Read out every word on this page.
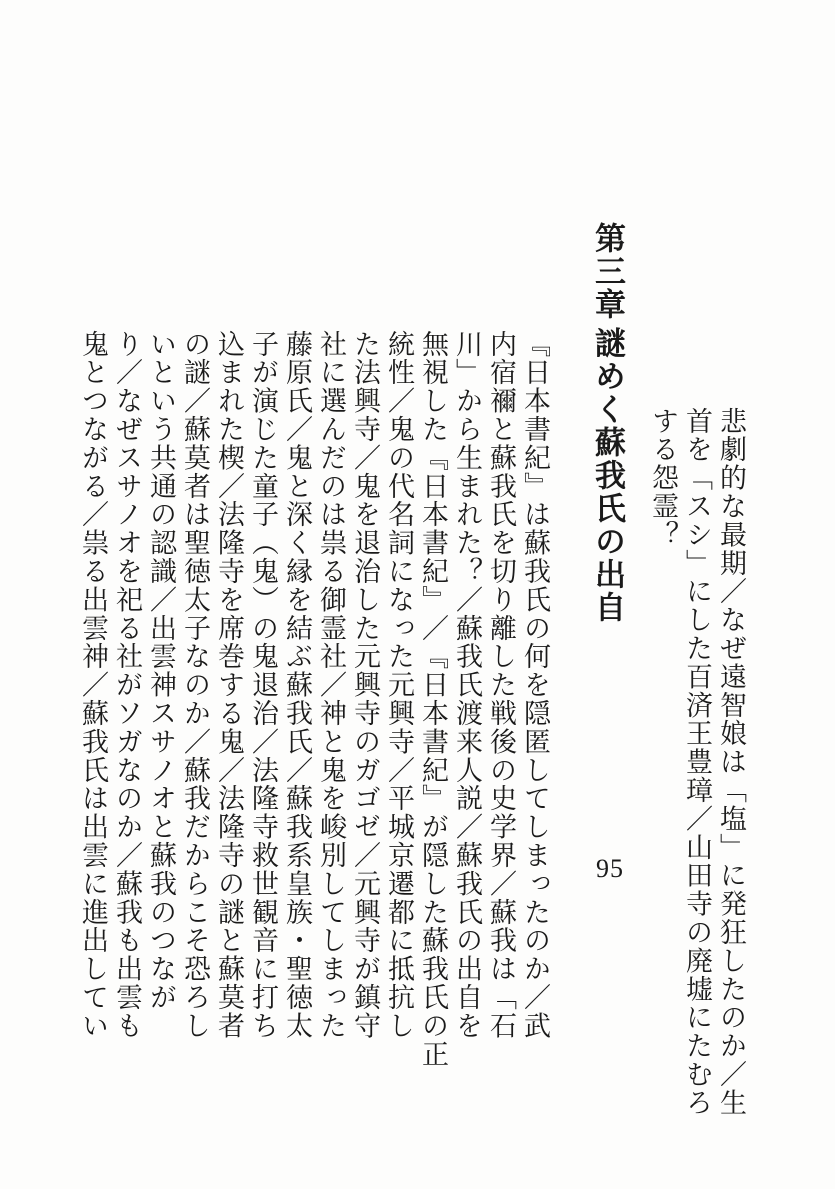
悲劇的な最期／なぜ遠智娘は「塩」に発狂したのか／生

首を「スシ」にした百済王豊璋／山田寺の廃墟にたむろ

する怨霊？

第三章

謎めく蘇我氏の出自

95

『日本書紀』は蘇我氏の何を隠匿してしまったのか／武

内宿禰と蘇我氏を切り離した戦後の史学界／蘇我は「石

川」から生まれた？／蘇我氏渡来人説／蘇我氏の出自を

無視した『日本書紀』／『日本書紀』が隠した蘇我氏の正

統性／鬼の代名詞になった元興寺／平城京遷都に抵抗し

た法興寺／鬼を退治した元興寺のガゴゼ／元興寺が鎮守

社に選んだのは祟る御霊社／神と鬼を峻別してしまった

藤原氏／鬼と深く縁を結ぶ蘇我氏／蘇我系皇族・聖徳太

子が演じた童子（鬼）の鬼退治／法隆寺救世観音に打ち

込まれた楔／法隆寺を席巻する鬼／法隆寺の謎と蘇莫者

の謎／蘇莫者は聖徳太子なのか／蘇我だからこそ恐ろし

いという共通の認識／出雲神スサノオと蘇我のつなが

り／なぜスサノオを祀る社がソガなのか／蘇我も出雲も

鬼とつながる／祟る出雲神／蘇我氏は出雲に進出してい
